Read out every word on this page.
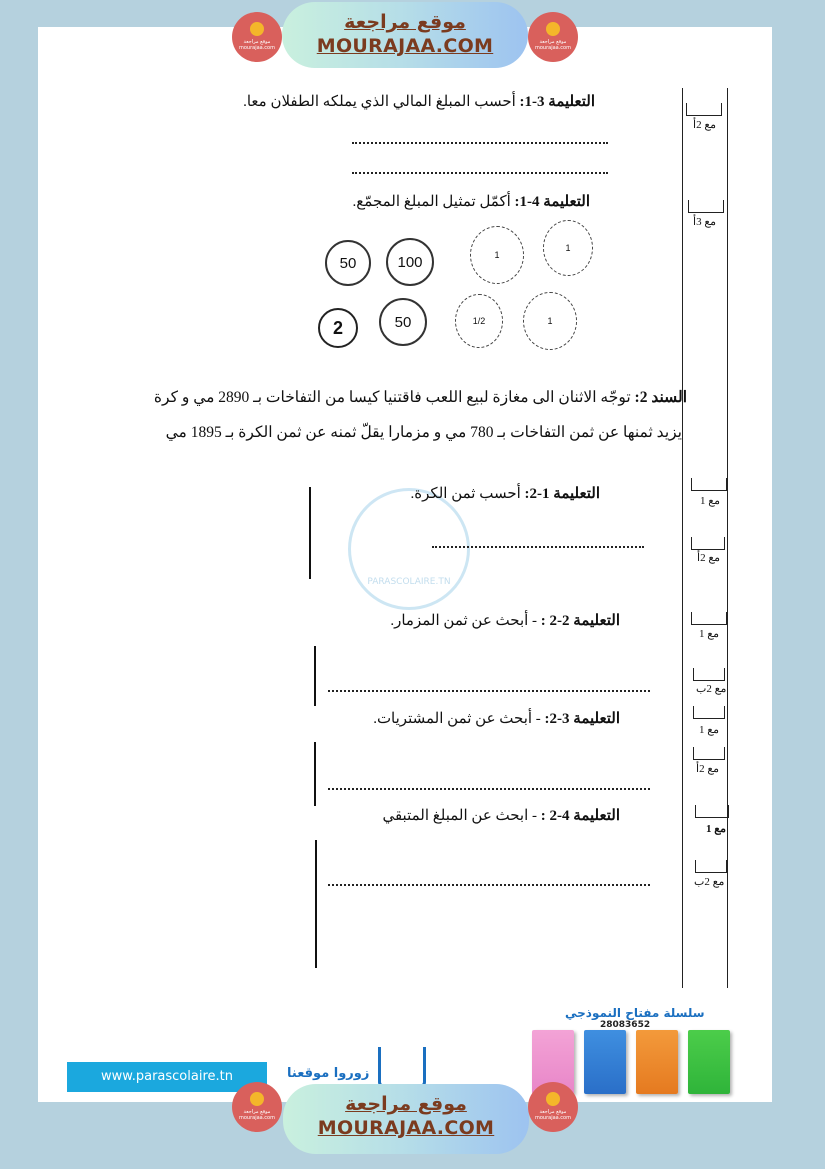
موقع مراجعة
mourajaa.com
موقع مراجعة
MOURAJAA.COM	موقع مراجعة
mourajaa.com
التعليمة 3-1: أحسب المبلغ المالي الذي يملكه الطفلان معا.
التعليمة 4-1: أكمّل تمثيل المبلغ المجمّع.
50	100
2	50
1
1
1/2	1
السند 2: توجّه الاثنان الى مغازة لبيع اللعب فاقتنيا كيسا من التفاخات بـ 2890 مي و كرة
يزيد ثمنها عن ثمن التفاخات بـ 780 مي و مزمارا يقلّ ثمنه عن ثمن الكرة بـ 1895 مي
PARASCOLAIRE.TN
التعليمة 1-2: أحسب ثمن الكرة.
التعليمة 2-2 : - أبحث عن ثمن المزمار.
التعليمة 3-2: - أبحث عن ثمن المشتريات.
التعليمة 4-2 : - ابحث عن المبلغ المتبقي
مع 2أ
مع 3أ
مع 1
مع 2أ
مع 1
مع 2ب
مع 1
مع 2أ
مع 1
مع 2ب
www.parascolaire.tn	زوروا موقعنا
سلسلة مفتاح النموذجي
28083652
موقع مراجعة
mourajaa.com
موقع مراجعة
MOURAJAA.COM
موقع مراجعة
mourajaa.com
